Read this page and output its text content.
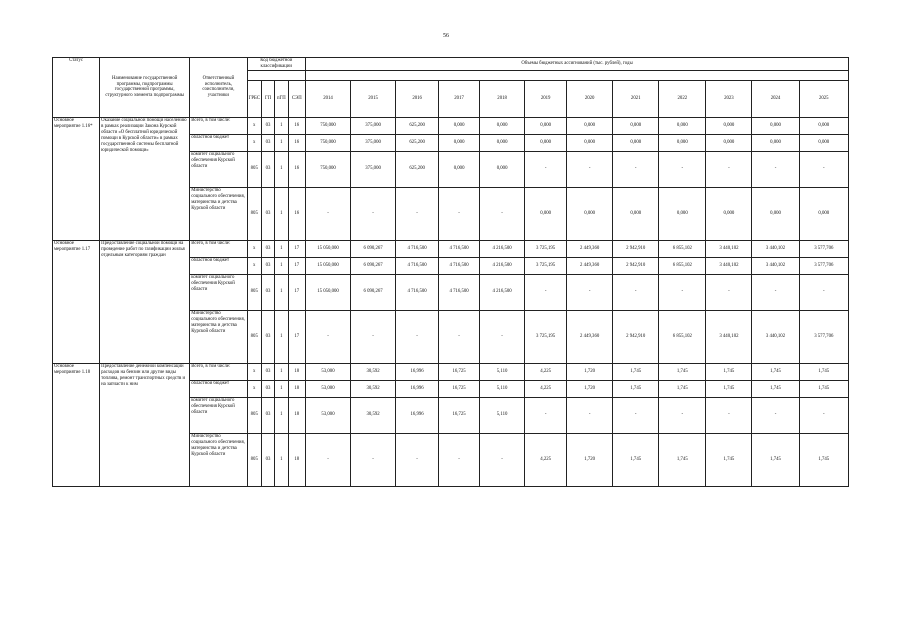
56
Статус	Наименование государственной программы, подпрограммы государственной программы, структурного элемента подпрограммы	Ответственный исполнитель, соисполнители, участники	Код бюджетной классификации				Объемы бюджетных ассигнований (тыс. рублей), годы											

			ГРБС	ГП	пГП	СЭП	2014	2015	2016	2017	2018	2019	2020	2021	2022	2023	2024	2025
Основное мероприятие 1.16*	Оказание социальной помощи населению в рамках реализации Закона Курской области «О бесплатной юридической помощи в Курской области» в рамках государственной системы бесплатной юридической помощи»	Всего, в том числе:	х	03	1	16	750,000	375,000	625,200	0,000	0,000	0,000	0,000	0,000	0,000	0,000	0,000	0,000
		областной бюджет	х	03	1	16	750,000	375,000	625,200	0,000	0,000	0,000	0,000	0,000	0,000	0,000	0,000	0,000
		комитет социального обеспечения Курской области	805	03	1	16	750,000	375,000	625,200	0,000	0,000	-	-	-	-	-	-	-
		Министерство социального обеспечения, материнства и детства Курской области	805	03	1	16	-	-	-	-	-	0,000	0,000	0,000	0,000	0,000	0,000	0,000
Основное мероприятие 1.17	Предоставление социальной помощи на проведение работ по газификации жилья отдельным категориям граждан	Всего, в том числе:	х	03	1	17	15 050,000	6 090,267	4 716,500	4 716,500	4 216,500	3 725,195	2 449,360	2 942,910	6 855,102	3 440,102	3 440,102	3 577,706
		областной бюджет	х	03	1	17	15 050,000	6 090,267	4 716,500	4 716,500	4 216,500	3 725,195	2 449,360	2 942,910	6 855,102	3 440,102	3 440,102	3 577,706
		комитет социального обеспечения Курской области	805	03	1	17	15 050,000	6 090,267	4 716,500	4 716,500	4 216,500	-	-	-	-	-	-	-
		Министерство социального обеспечения, материнства и детства Курской области	805	03	1	17	-	-	-	-	-	3 725,195	2 449,360	2 942,910	6 855,102	3 440,102	3 440,102	3 577,706
Основное мероприятие 1.18	Предоставление денежной компенсации расходов на бензин или другие виды топлива, ремонт транспортных средств и на запчасти к ним	Всего, в том числе:	х	03	1	18	53,000	30,592	16,996	16,725	5,110	4,225	1,720	1,745	1,745	1,745	1,745	1,745
		областной бюджет	х	03	1	18	53,000	30,592	16,996	16,725	5,110	4,225	1,720	1,745	1,745	1,745	1,745	1,745
		комитет социального обеспечения Курской области	805	03	1	18	53,000	30,592	16,996	16,725	5,110	-	-	-	-	-	-	-
		Министерство социального обеспечения, материнства и детства Курской области	805	03	1	18	-	-	-	-	-	4,225	1,720	1,745	1,745	1,745	1,745	1,745
